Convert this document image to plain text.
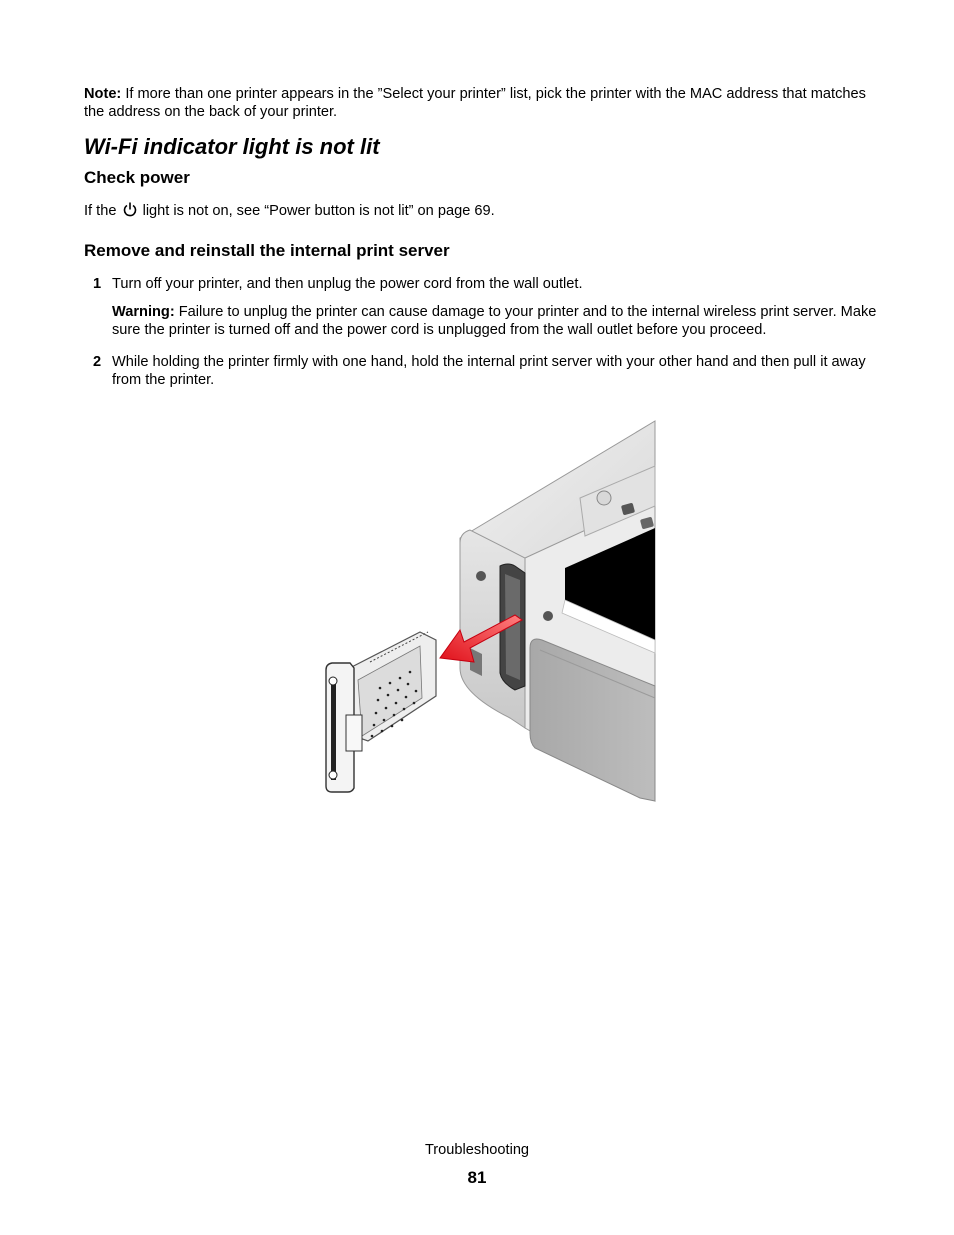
Note: If more than one printer appears in the ”Select your printer” list, pick the printer with the MAC address that matches the address on the back of your printer.
Wi-Fi indicator light is not lit
Check power
If the  light is not on, see “Power button is not lit” on page 69.
Remove and reinstall the internal print server
1 Turn off your printer, and then unplug the power cord from the wall outlet.
Warning: Failure to unplug the printer can cause damage to your printer and to the internal wireless print server. Make sure the printer is turned off and the power cord is unplugged from the wall outlet before you proceed.
2 While holding the printer firmly with one hand, hold the internal print server with your other hand and then pull it away from the printer.
Troubleshooting
81
